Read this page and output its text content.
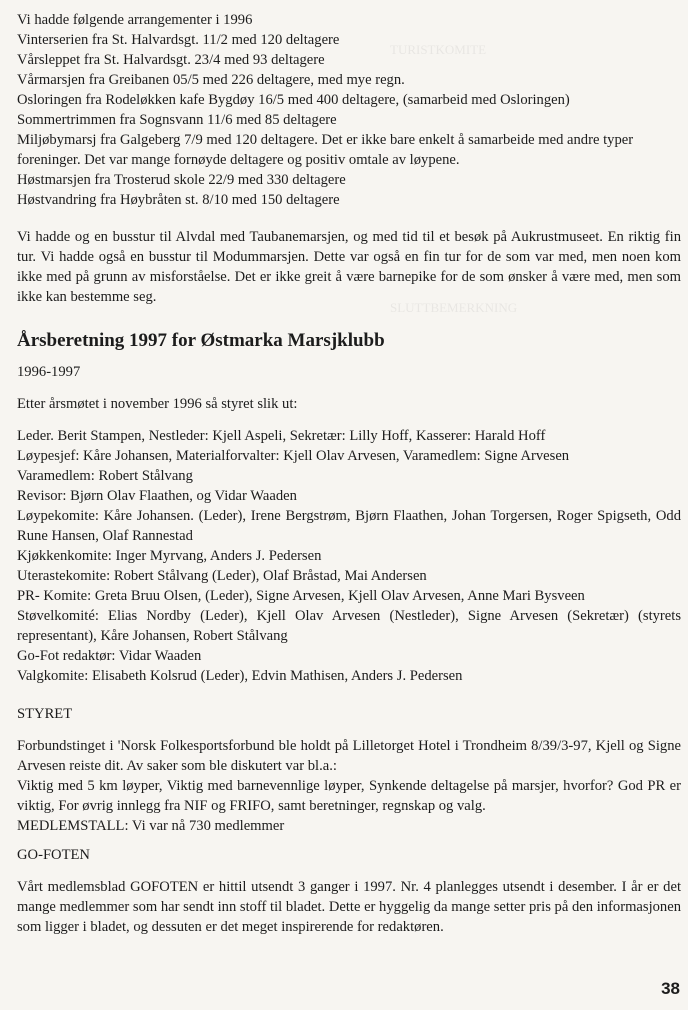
TURISTKOMITE
SLUTTBEMERKNING

Vi hadde følgende arrangementer i 1996

Vinterserien fra St. Halvardsgt. 11/2 med 120 deltagere

Vårsleppet fra St. Halvardsgt. 23/4 med 93 deltagere

Vårmarsjen fra Greibanen 05/5 med 226 deltagere, med mye regn.

Osloringen fra Rodeløkken kafe Bygdøy 16/5 med 400 deltagere, (samarbeid med Osloringen)

Sommertrimmen fra Sognsvann 11/6 med 85 deltagere

Miljøbymarsj fra Galgeberg 7/9 med 120 deltagere. Det er ikke bare enkelt å samarbeide med andre typer foreninger. Det var mange fornøyde deltagere og positiv omtale av løypene.

Høstmarsjen fra Trosterud skole 22/9 med 330 deltagere

Høstvandring fra Høybråten st. 8/10 med 150 deltagere

Vi hadde og en busstur til Alvdal med Taubanemarsjen, og med tid til et besøk på Aukrustmuseet. En riktig fin tur. Vi hadde også en busstur til Modummarsjen. Dette var også en fin tur for de som var med, men noen kom ikke med på grunn av misforståelse. Det er ikke greit å være barnepike for de som ønsker å være med, men som ikke kan bestemme seg.

Årsberetning 1997 for Østmarka Marsjklubb

1996-1997

Etter årsmøtet i november 1996 så styret slik ut:

Leder. Berit Stampen, Nestleder: Kjell Aspeli, Sekretær: Lilly Hoff, Kasserer: Harald Hoff

Løypesjef: Kåre Johansen, Materialforvalter: Kjell Olav Arvesen, Varamedlem: Signe Arvesen

Varamedlem: Robert Stålvang

Revisor: Bjørn Olav Flaathen, og Vidar Waaden

Løypekomite: Kåre Johansen. (Leder), Irene Bergstrøm, Bjørn Flaathen, Johan Torgersen, Roger Spigseth, Odd Rune Hansen, Olaf Rannestad

Kjøkkenkomite: Inger Myrvang, Anders J. Pedersen

Uterastekomite: Robert Stålvang (Leder), Olaf Bråstad, Mai Andersen

PR- Komite: Greta Bruu Olsen, (Leder), Signe Arvesen, Kjell Olav Arvesen, Anne Mari Bysveen

Støvelkomité: Elias Nordby (Leder), Kjell Olav Arvesen (Nestleder), Signe Arvesen (Sekretær) (styrets representant), Kåre Johansen, Robert Stålvang

Go-Fot redaktør: Vidar Waaden

Valgkomite: Elisabeth Kolsrud (Leder), Edvin Mathisen, Anders J. Pedersen

STYRET

Forbundstinget i 'Norsk Folkesportsforbund ble holdt på Lilletorget Hotel i Trondheim 8/39/3-97, Kjell og Signe Arvesen reiste dit. Av saker som ble diskutert var bl.a.:

Viktig med 5 km løyper, Viktig med barnevennlige løyper, Synkende deltagelse på marsjer, hvorfor? God PR er viktig, For øvrig innlegg fra NIF og FRIFO, samt beretninger, regnskap og valg.

MEDLEMSTALL: Vi var nå 730 medlemmer

GO-FOTEN

Vårt medlemsblad GOFOTEN er hittil utsendt 3 ganger i 1997. Nr. 4 planlegges utsendt i desember. I år er det mange medlemmer som har sendt inn stoff til bladet. Dette er hyggelig da mange setter pris på den informasjonen som ligger i bladet, og dessuten er det meget inspirerende for redaktøren.

38
